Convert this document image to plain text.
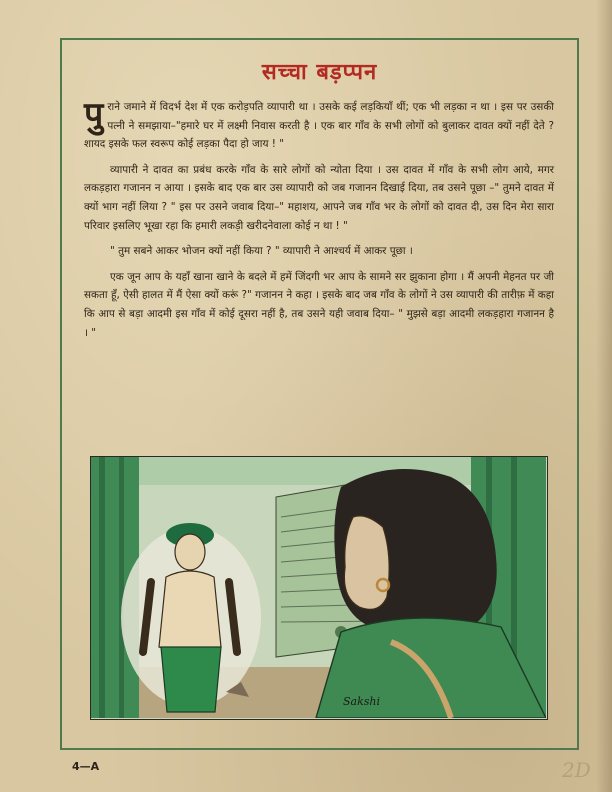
सच्चा बड़प्पन

पुराने जमाने में विदर्भ देश में एक करोड़पति व्यापारी था । उसके कई लड़कियाँ थीं; एक भी लड़का न था । इस पर उसकी पत्नी ने समझाया–"हमारे घर में लक्ष्मी निवास करती है । एक बार गाँव के सभी लोगों को बुलाकर दावत क्यों नहीं देते ? शायद इसके फल स्वरूप कोई लड़का पैदा हो जाय ! "

व्यापारी ने दावत का प्रबंध करके गाँव के सारे लोगों को न्योता दिया । उस दावत में गाँव के सभी लोग आये, मगर लकड़हारा गजानन न आया । इसके बाद एक बार उस व्यापारी को जब गजानन दिखाई दिया, तब उसने पूछा –" तुमने दावत में क्यों भाग नहीं लिया ? " इस पर उसने जवाब दिया–" महाशय, आपने जब गाँव भर के लोगों को दावत दी, उस दिन मेरा सारा परिवार इसलिए भूखा रहा कि हमारी लकड़ी खरीदनेवाला कोई न था ! "

" तुम सबने आकर भोजन क्यों नहीं किया ? " व्यापारी ने आश्चर्य में आकर पूछा ।

एक जून आप के यहाँ खाना खाने के बदले में हमें जिंदगी भर आप के सामने सर झुकाना होगा । मैं अपनी मेहनत पर जी सकता हूँ, ऐसी हालत में मैं ऐसा क्यों करूं ?" गजानन ने कहा । इसके बाद जब गाँव के लोगों ने उस व्यापारी की तारीफ़ में कहा कि आप से बड़ा आदमी इस गाँव में कोई दूसरा नहीं है, तब उसने यही जवाब दिया– " मुझसे बड़ा आदमी लकड़हारा गजानन है । "

Sakshi
4—A	2D
